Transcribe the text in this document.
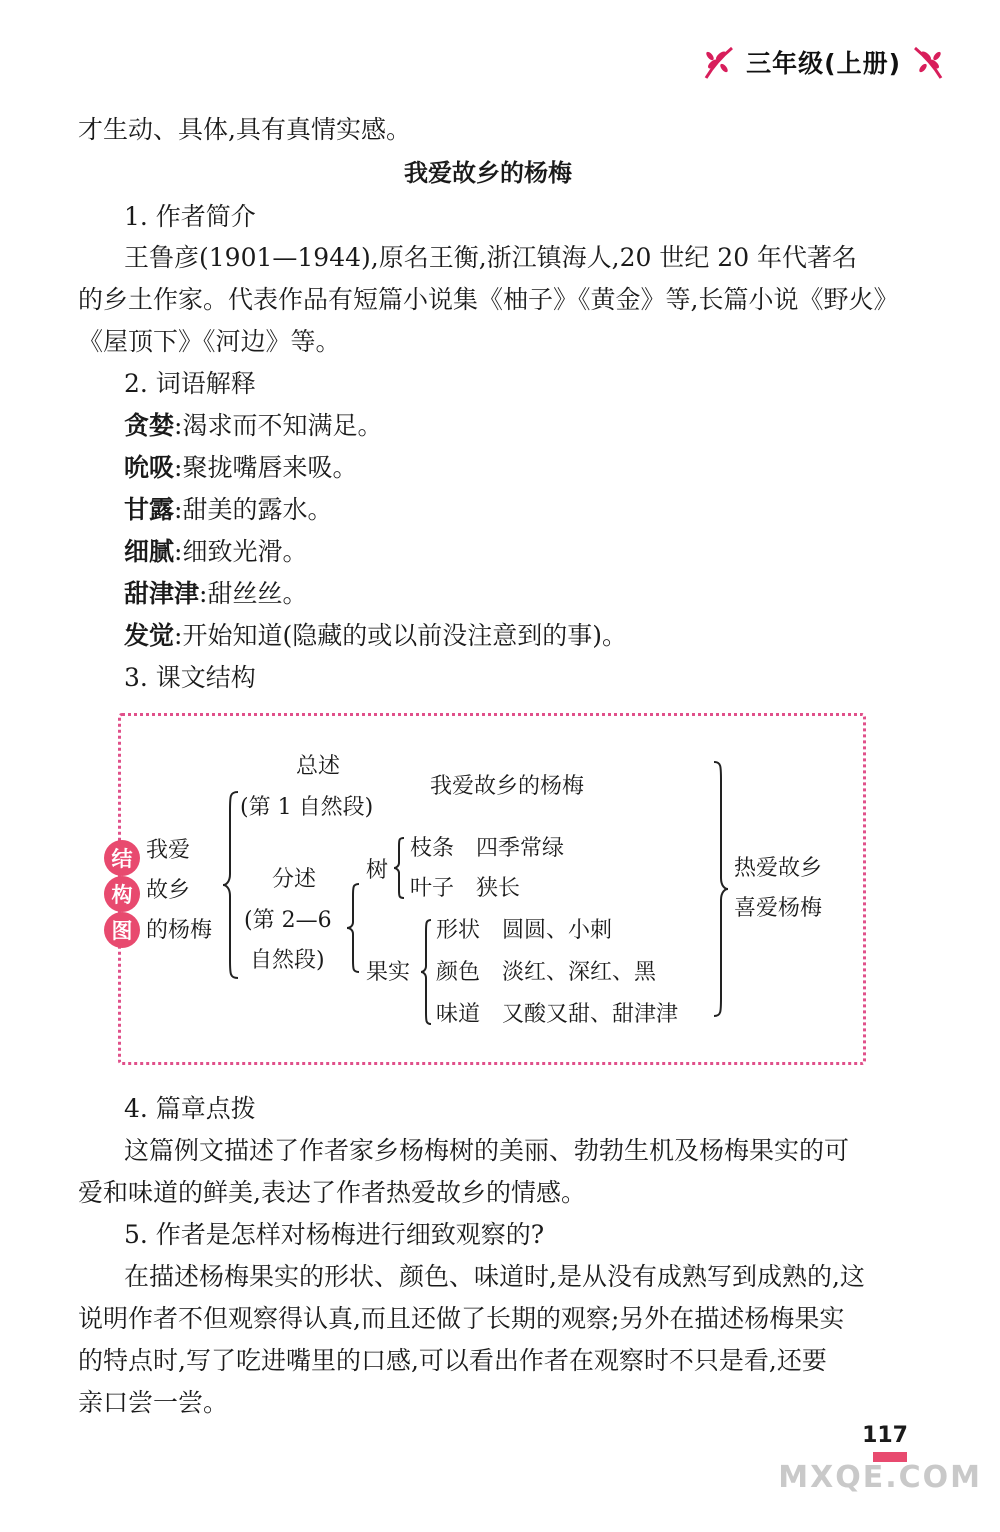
三年级(上册)
才生动、具体,具有真情实感。
我爱故乡的杨梅
1. 作者简介
王鲁彦(1901—1944),原名王衡,浙江镇海人,20 世纪 20 年代著名
的乡土作家。代表作品有短篇小说集《柚子》《黄金》等,长篇小说《野火》
《屋顶下》《河边》等。
2. 词语解释
贪婪:渴求而不知满足。
吮吸:聚拢嘴唇来吸。
甘露:甜美的露水。
细腻:细致光滑。
甜津津:甜丝丝。
发觉:开始知道(隐藏的或以前没注意到的事)。
3. 课文结构
结
构
图
我爱
故乡
的杨梅
总述
(第 1 自然段)
我爱故乡的杨梅
分述
(第 2—6
自然段)
树
枝条　四季常绿
叶子　狭长
果实
形状　圆圆、小刺
颜色　淡红、深红、黑
味道　又酸又甜、甜津津
热爱故乡
喜爱杨梅
4. 篇章点拨
这篇例文描述了作者家乡杨梅树的美丽、勃勃生机及杨梅果实的可
爱和味道的鲜美,表达了作者热爱故乡的情感。
5. 作者是怎样对杨梅进行细致观察的?
在描述杨梅果实的形状、颜色、味道时,是从没有成熟写到成熟的,这
说明作者不但观察得认真,而且还做了长期的观察;另外在描述杨梅果实
的特点时,写了吃进嘴里的口感,可以看出作者在观察时不只是看,还要
亲口尝一尝。
117
MXQE.COM
